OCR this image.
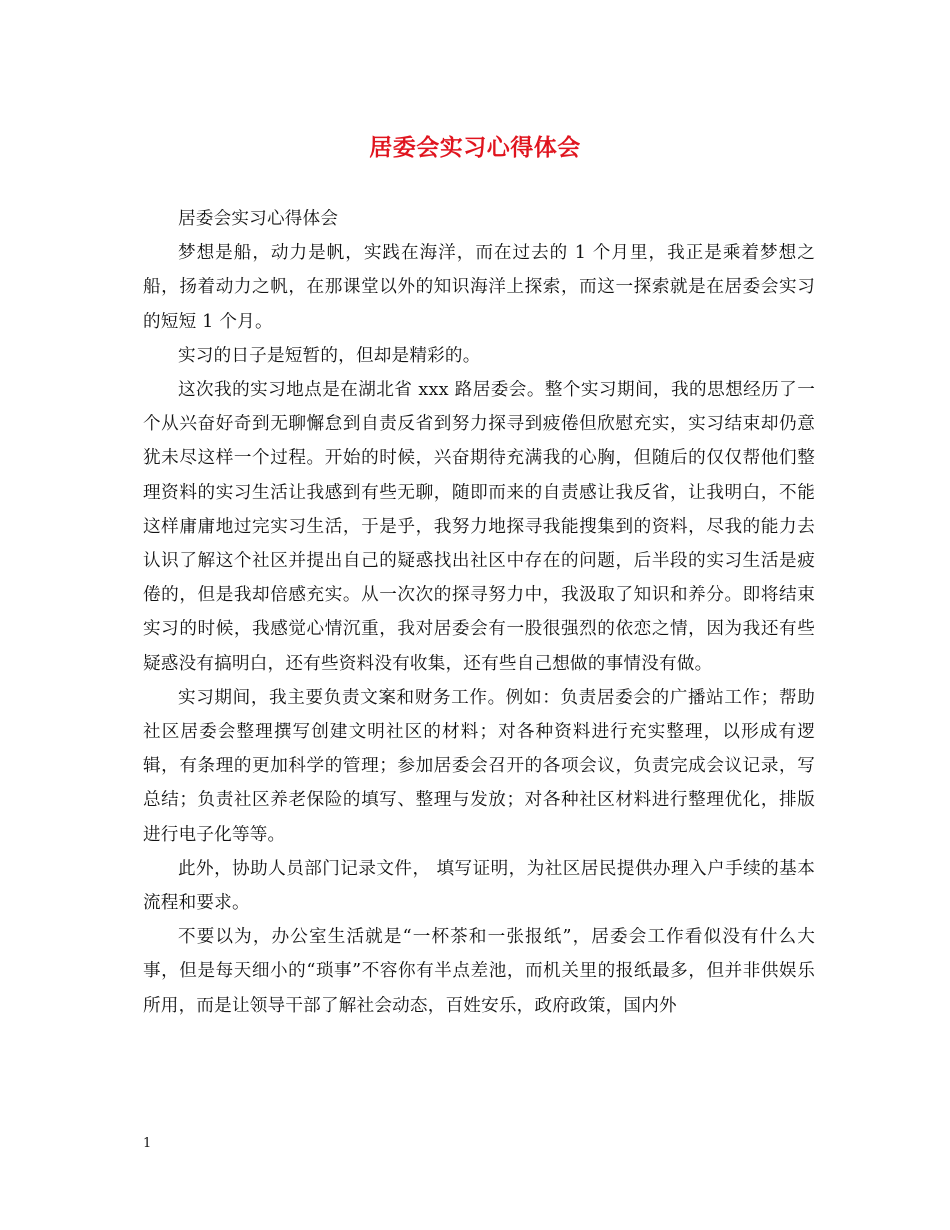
居委会实习心得体会

居委会实习心得体会

梦想是船，动力是帆，实践在海洋，而在过去的 1 个月里，我正是乘着梦想之船，扬着动力之帆，在那课堂以外的知识海洋上探索，而这一探索就是在居委会实习的短短 1 个月。

实习的日子是短暂的，但却是精彩的。

这次我的实习地点是在湖北省 xxx 路居委会。整个实习期间，我的思想经历了一个从兴奋好奇到无聊懈怠到自责反省到努力探寻到疲倦但欣慰充实，实习结束却仍意犹未尽这样一个过程。开始的时候，兴奋期待充满我的心胸，但随后的仅仅帮他们整理资料的实习生活让我感到有些无聊，随即而来的自责感让我反省，让我明白，不能这样庸庸地过完实习生活，于是乎，我努力地探寻我能搜集到的资料，尽我的能力去认识了解这个社区并提出自己的疑惑找出社区中存在的问题，后半段的实习生活是疲倦的，但是我却倍感充实。从一次次的探寻努力中，我汲取了知识和养分。即将结束实习的时候，我感觉心情沉重，我对居委会有一股很强烈的依恋之情，因为我还有些疑惑没有搞明白，还有些资料没有收集，还有些自己想做的事情没有做。

实习期间，我主要负责文案和财务工作。例如：负责居委会的广播站工作；帮助社区居委会整理撰写创建文明社区的材料；对各种资料进行充实整理，以形成有逻辑，有条理的更加科学的管理；参加居委会召开的各项会议，负责完成会议记录，写总结；负责社区养老保险的填写、整理与发放；对各种社区材料进行整理优化，排版进行电子化等等。

此外，协助人员部门记录文件， 填写证明，为社区居民提供办理入户手续的基本流程和要求。

不要以为，办公室生活就是“一杯茶和一张报纸”，居委会工作看似没有什么大事，但是每天细小的“琐事”不容你有半点差池，而机关里的报纸最多，但并非供娱乐所用，而是让领导干部了解社会动态，百姓安乐，政府政策，国内外

1
